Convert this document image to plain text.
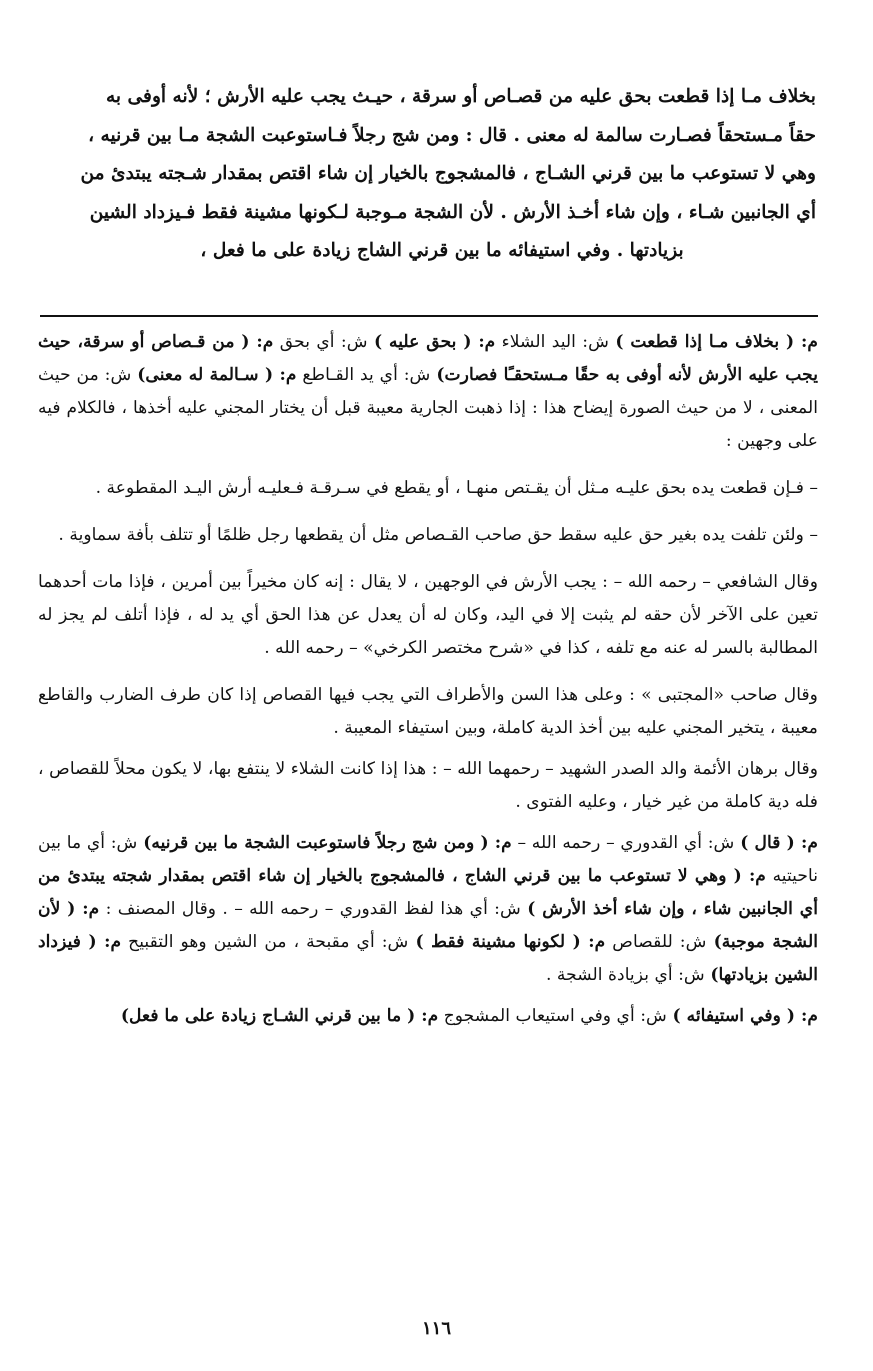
بخلاف مـا إذا قطعت بحق عليه من قصـاص أو سرقة ، حيـث يجب عليه الأرش ؛ لأنه أوفى به

حقاً مـستحقاً فصـارت سالمة له معنى . قال : ومن شج رجلاً فـاستوعبت الشجة مـا بين قرنيه ،

وهي لا تستوعب ما بين قرني الشـاج ، فالمشجوج بالخيار إن شاء اقتص بمقدار شـجته يبتدئ من

أي الجانبين شـاء ، وإن شاء أخـذ الأرش . لأن الشجة مـوجبة لـكونها مشينة فقط فـيزداد الشين

بزيادتها . وفي استيفائه ما بين قرني الشاج زيادة على ما فعل ،

م: ( بخلاف مـا إذا قطعت ) ش: اليد الشلاء م: ( بحق عليه ) ش: أي بحق م: ( من قـصاص أو سرقة، حيث يجب عليه الأرش لأنه أوفى به حقًا مـستحقـًا فصارت) ش: أي يد القـاطع م: ( سـالمة له معنى) ش: من حيث المعنى ، لا من حيث الصورة إيضاح هذا : إذا ذهبت الجارية معيبة قبل أن يختار المجني عليه أخذها ، فالكلام فيه على وجهين :

– فـإن قطعت يده بحق عليـه مـثل أن يقـتص منهـا ، أو يقطع في سـرقـة فـعليـه أرش اليـد المقطوعة .

– ولئن تلفت يده بغير حق عليه سقط حق صاحب القـصاص مثل أن يقطعها رجل ظلمًا أو تتلف بأفة سماوية .

وقال الشافعي – رحمه الله – : يجب الأرش في الوجهين ، لا يقال : إنه كان مخيراً بين أمرين ، فإذا مات أحدهما تعين على الآخر لأن حقه لم يثبت إلا في اليد، وكان له أن يعدل عن هذا الحق أي يد له ، فإذا أتلف لم يجز له المطالبة بالسر له عنه مع تلفه ، كذا في «شرح مختصر الكرخي» – رحمه الله .

وقال صاحب «المجتبى » : وعلى هذا السن والأطراف التي يجب فيها القصاص إذا كان طرف الضارب والقاطع معيبة ، يتخير المجني عليه بين أخذ الدية كاملة، وبين استيفاء المعيبة .

وقال برهان الأئمة والد الصدر الشهيد – رحمهما الله – : هذا إذا كانت الشلاء لا ينتفع بها، لا يكون محلاً للقصاص ، فله دية كاملة من غير خيار ، وعليه الفتوى .

م: ( قال ) ش: أي القدوري – رحمه الله – م: ( ومن شج رجلاً فاستوعبت الشجة ما بين قرنيه) ش: أي ما بين ناحيتيه م: ( وهي لا تستوعب ما بين قرني الشاج ، فالمشجوج بالخيار إن شاء اقتص بمقدار شجته يبتدئ من أي الجانبين شاء ، وإن شاء أخذ الأرش ) ش: أي هذا لفظ القدوري – رحمه الله – . وقال المصنف : م: ( لأن الشجة موجبة) ش: للقصاص م: ( لكونها مشينة فقط ) ش: أي مقبحة ، من الشين وهو التقبيح م: ( فيزداد الشين بزيادتها) ش: أي بزيادة الشجة .

م: ( وفي استيفائه ) ش: أي وفي استيعاب المشجوج م: ( ما بين قرني الشـاج زيادة على ما فعل)

١١٦
